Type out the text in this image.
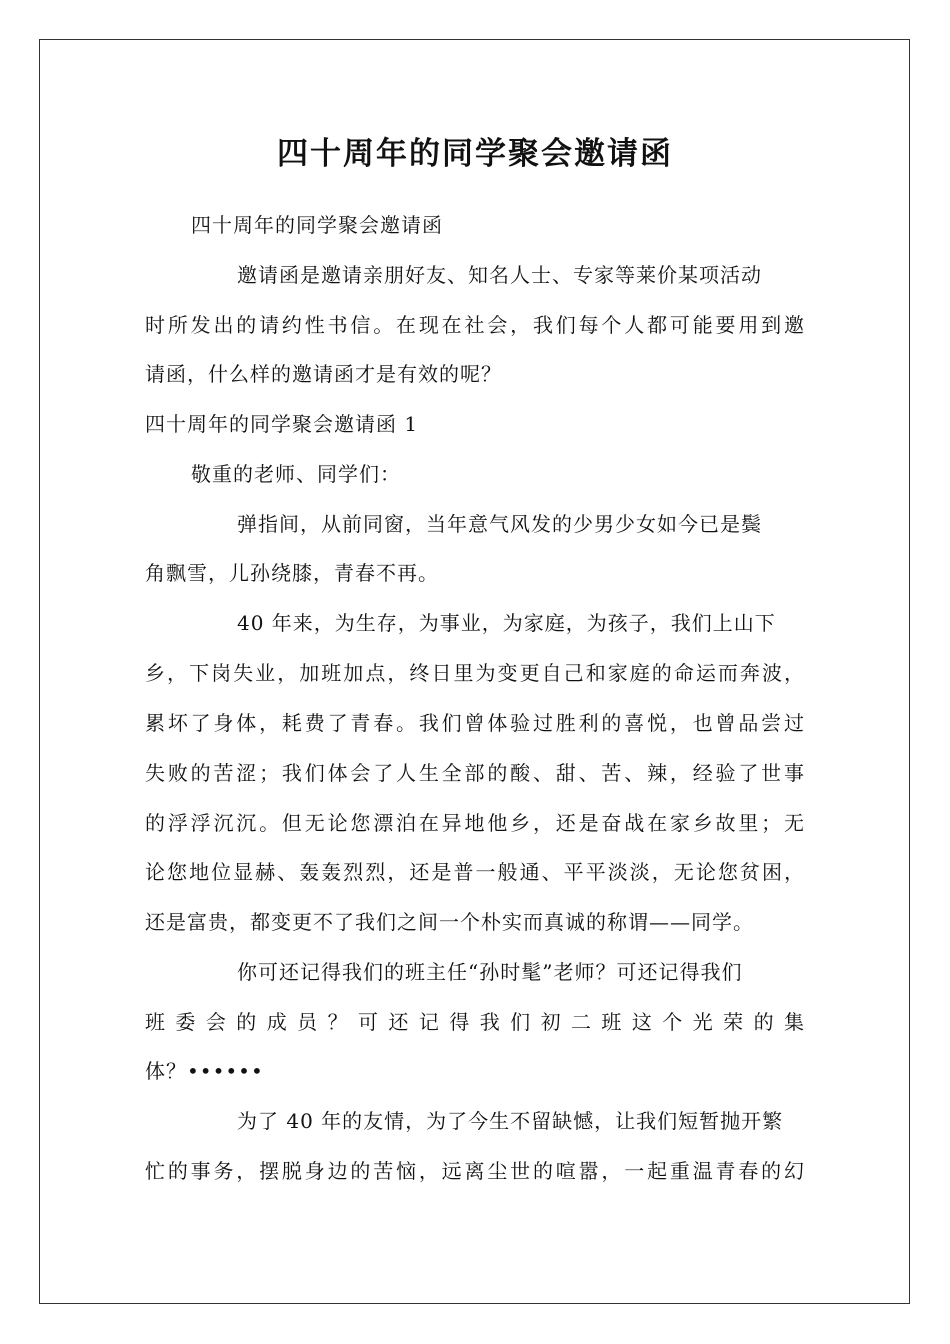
四十周年的同学聚会邀请函
四十周年的同学聚会邀请函
邀请函是邀请亲朋好友、知名人士、专家等莱价某项活动
时所发出的请约性书信。在现在社会，我们每个人都可能要用到邀
请函，什么样的邀请函才是有效的呢？
四十周年的同学聚会邀请函 1
敬重的老师、同学们：
弹指间，从前同窗，当年意气风发的少男少女如今已是鬓
角飘雪，儿孙绕膝，青春不再。
40 年来，为生存，为事业，为家庭，为孩子，我们上山下
乡，下岗失业，加班加点，终日里为变更自己和家庭的命运而奔波，
累坏了身体，耗费了青春。我们曾体验过胜利的喜悦，也曾品尝过
失败的苦涩；我们体会了人生全部的酸、甜、苦、辣，经验了世事
的浮浮沉沉。但无论您漂泊在异地他乡，还是奋战在家乡故里；无
论您地位显赫、轰轰烈烈，还是普一般通、平平淡淡，无论您贫困，
还是富贵，都变更不了我们之间一个朴实而真诚的称谓——同学。
你可还记得我们的班主任“孙时髦”老师？可还记得我们
班委会的成员？可还记得我们初二班这个光荣的集
体？••••••
为了 40 年的友情，为了今生不留缺憾，让我们短暂抛开繁
忙的事务，摆脱身边的苦恼，远离尘世的喧嚣，一起重温青春的幻
